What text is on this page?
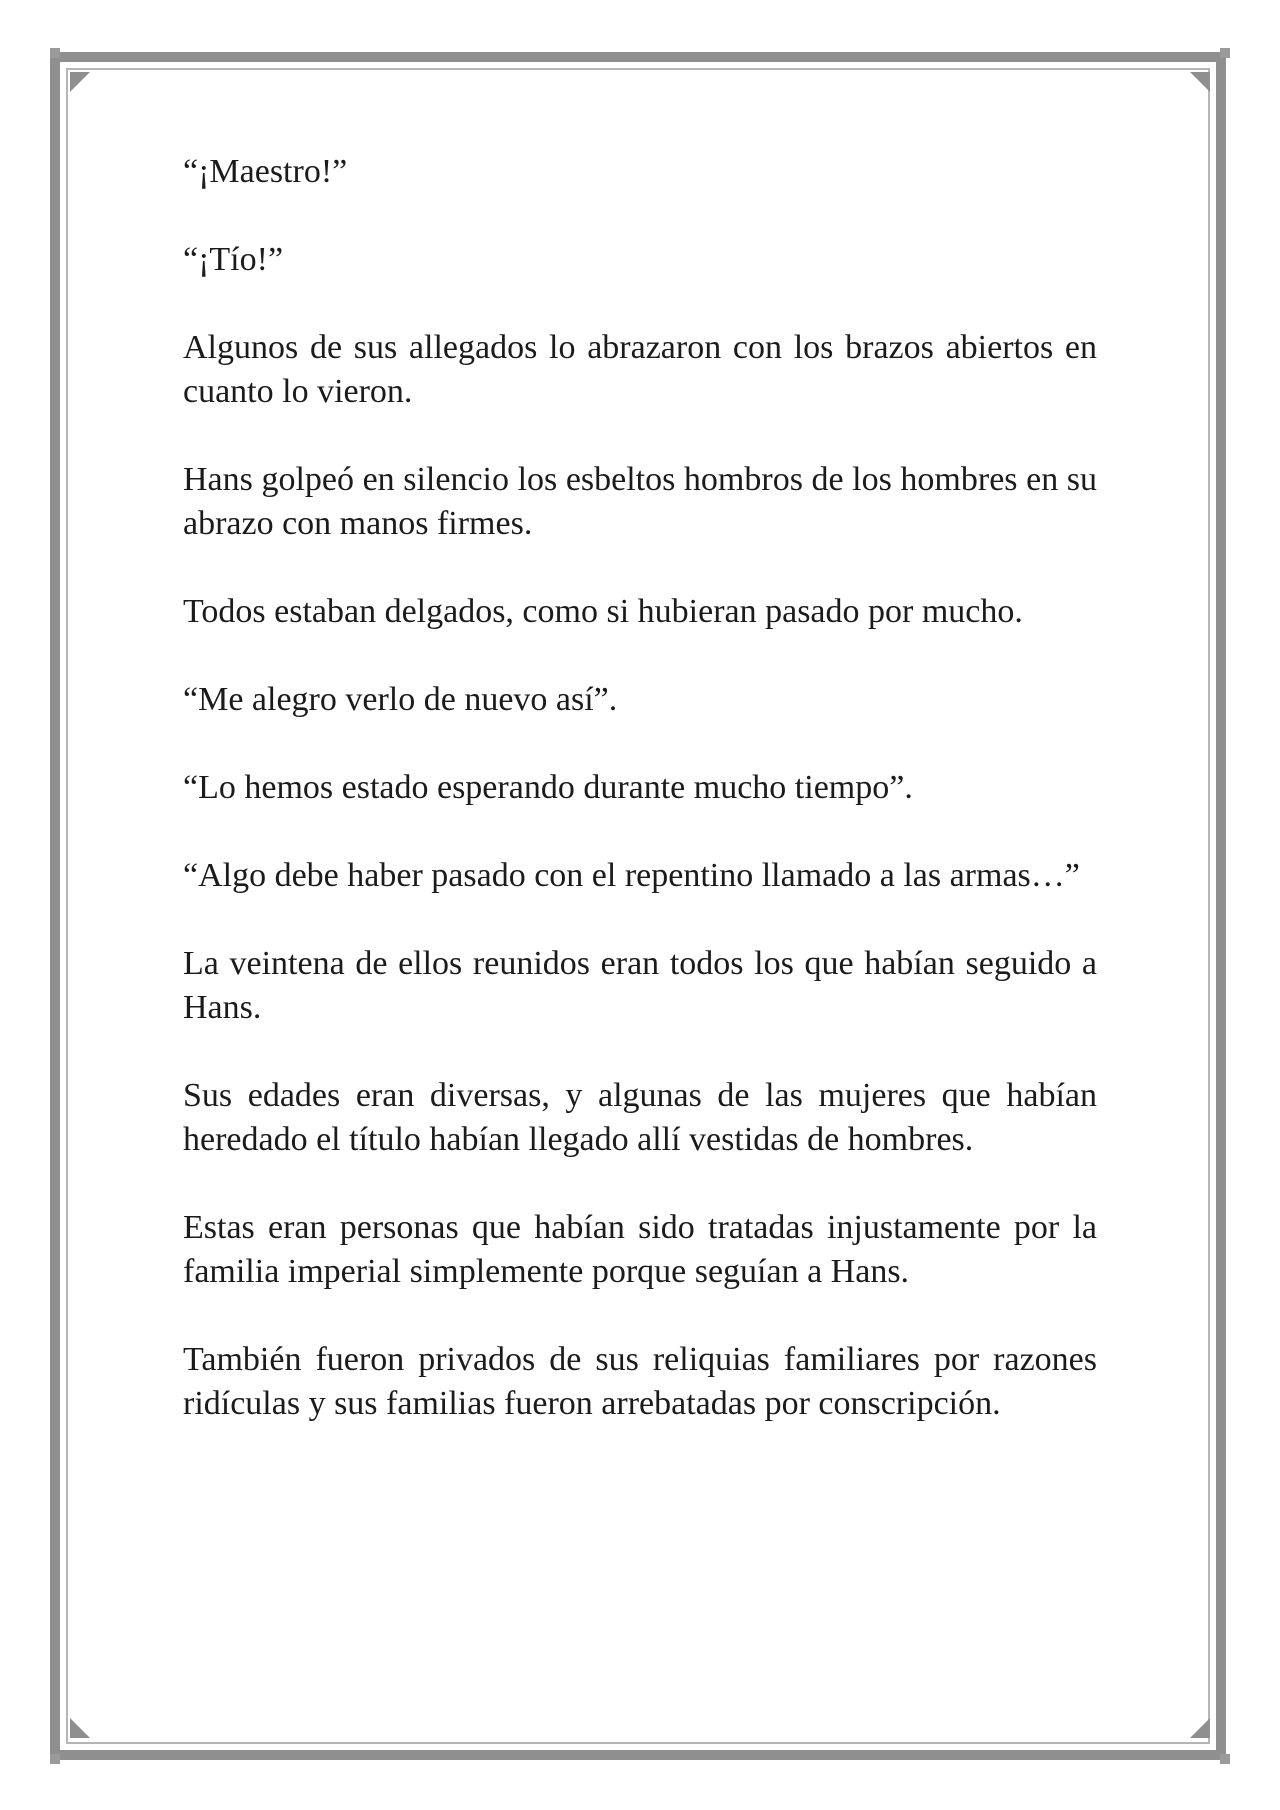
“¡Maestro!”

“¡Tío!”

Algunos de sus allegados lo abrazaron con los brazos abiertos en cuanto lo vieron.

Hans golpeó en silencio los esbeltos hombros de los hombres en su abrazo con manos firmes.

Todos estaban delgados, como si hubieran pasado por mucho.

“Me alegro verlo de nuevo así”.

“Lo hemos estado esperando durante mucho tiempo”.

“Algo debe haber pasado con el repentino llamado a las armas…”

La veintena de ellos reunidos eran todos los que habían seguido a Hans.

Sus edades eran diversas, y algunas de las mujeres que habían heredado el título habían llegado allí vestidas de hombres.

Estas eran personas que habían sido tratadas injustamente por la familia imperial simplemente porque seguían a Hans.

También fueron privados de sus reliquias familiares por razones ridículas y sus familias fueron arrebatadas por conscripción.
